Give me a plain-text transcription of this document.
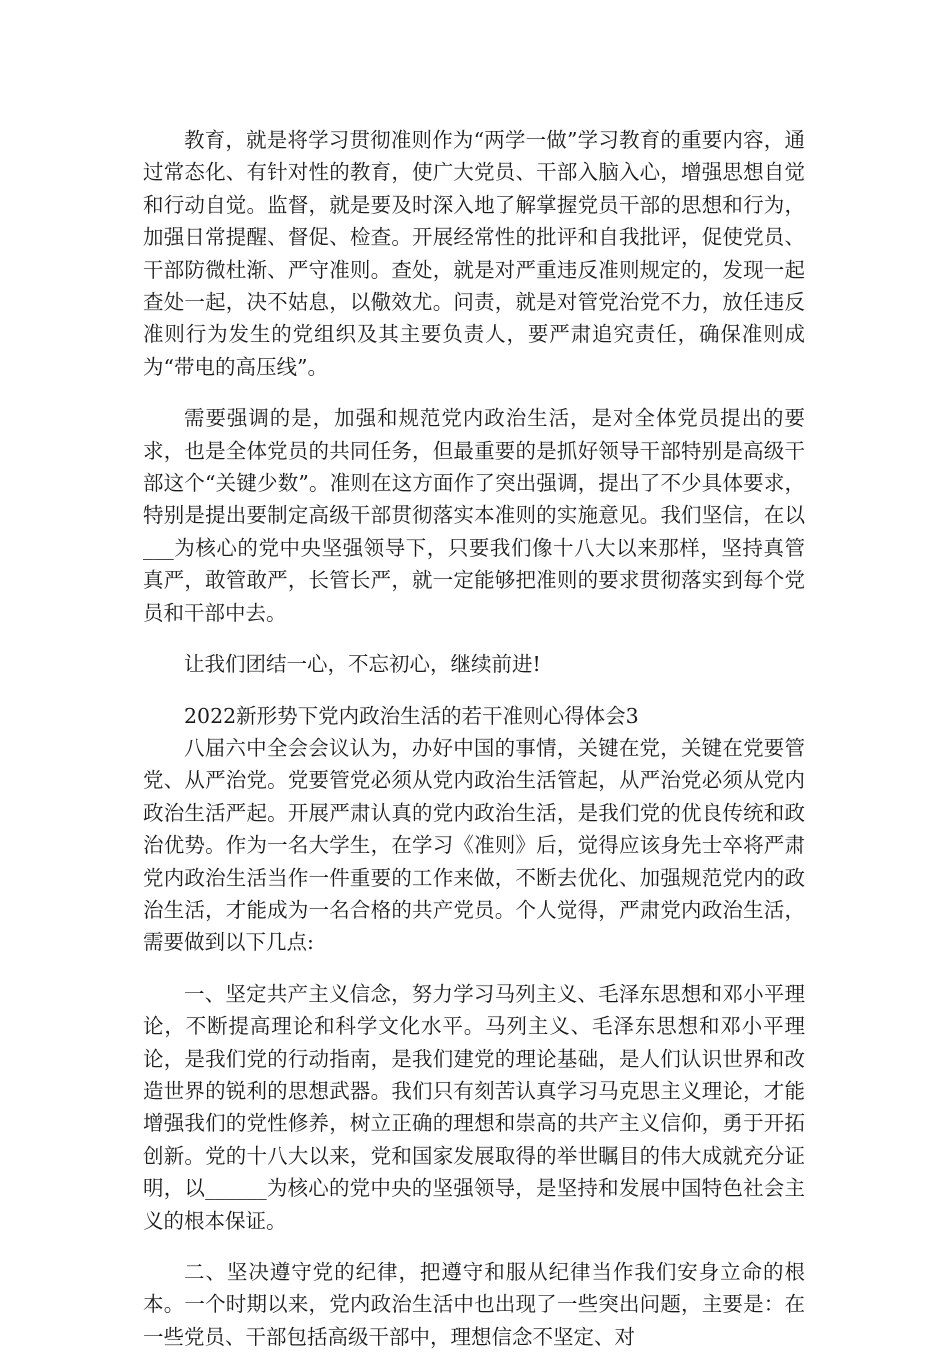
教育，就是将学习贯彻准则作为“两学一做”学习教育的重要内容，通过常态化、有针对性的教育，使广大党员、干部入脑入心，增强思想自觉和行动自觉。监督，就是要及时深入地了解掌握党员干部的思想和行为，加强日常提醒、督促、检查。开展经常性的批评和自我批评，促使党员、干部防微杜渐、严守准则。查处，就是对严重违反准则规定的，发现一起查处一起，决不姑息，以儆效尤。问责，就是对管党治党不力，放任违反准则行为发生的党组织及其主要负责人，要严肃追究责任，确保准则成为“带电的高压线”。

需要强调的是，加强和规范党内政治生活，是对全体党员提出的要求，也是全体党员的共同任务，但最重要的是抓好领导干部特别是高级干部这个“关键少数”。准则在这方面作了突出强调，提出了不少具体要求，特别是提出要制定高级干部贯彻落实本准则的实施意见。我们坚信，在以___为核心的党中央坚强领导下，只要我们像十八大以来那样，坚持真管真严，敢管敢严，长管长严，就一定能够把准则的要求贯彻落实到每个党员和干部中去。

让我们团结一心，不忘初心，继续前进!

2022新形势下党内政治生活的若干准则心得体会3

八届六中全会会议认为，办好中国的事情，关键在党，关键在党要管党、从严治党。党要管党必须从党内政治生活管起，从严治党必须从党内政治生活严起。开展严肃认真的党内政治生活，是我们党的优良传统和政治优势。作为一名大学生，在学习《准则》后，觉得应该身先士卒将严肃党内政治生活当作一件重要的工作来做，不断去优化、加强规范党内的政治生活，才能成为一名合格的共产党员。个人觉得，严肃党内政治生活，需要做到以下几点:

一、坚定共产主义信念，努力学习马列主义、毛泽东思想和邓小平理论，不断提高理论和科学文化水平。马列主义、毛泽东思想和邓小平理论，是我们党的行动指南，是我们建党的理论基础，是人们认识世界和改造世界的锐利的思想武器。我们只有刻苦认真学习马克思主义理论，才能增强我们的党性修养，树立正确的理想和崇高的共产主义信仰，勇于开拓创新。党的十八大以来，党和国家发展取得的举世瞩目的伟大成就充分证明，以______为核心的党中央的坚强领导，是坚持和发展中国特色社会主义的根本保证。

二、坚决遵守党的纪律，把遵守和服从纪律当作我们安身立命的根本。一个时期以来，党内政治生活中也出现了一些突出问题，主要是：在一些党员、干部包括高级干部中，理想信念不坚定、对
